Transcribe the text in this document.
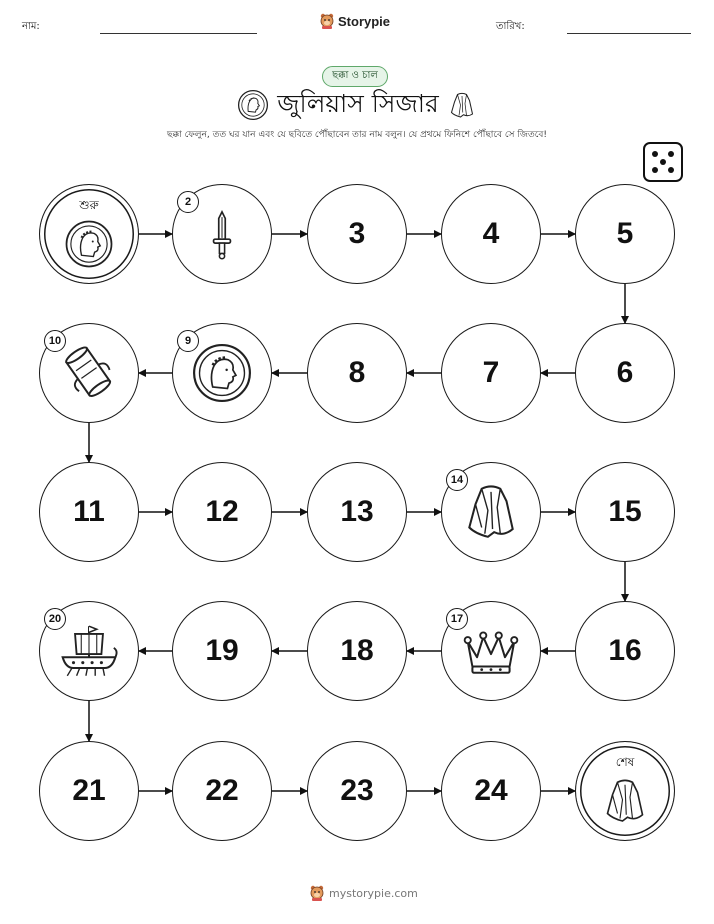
নাম:	Storypie	তারিখ:
ছক্কা ও চাল
জুলিয়াস সিজার
ছক্কা ফেলুন, তত ঘর যান এবং যে ছবিতে পৌঁছাবেন তার নাম বলুন। যে প্রথমে ফিনিশে পৌঁছাবে সে জিতবে!
শুরু	2
3	4	5
6
7
8
9
10
11	12	13
14
15
16
17
18
19
20
21	22	23	24
শেষ
mystorypie.com
